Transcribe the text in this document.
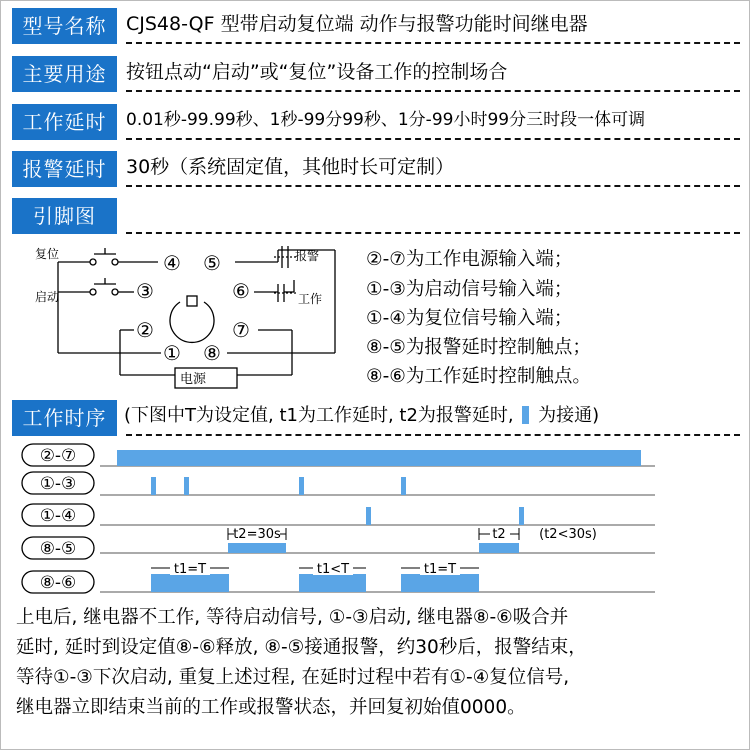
型号名称	CJS48-QF 型带启动复位端 动作与报警功能时间继电器
主要用途	按钮点动“启动”或“复位”设备工作的控制场合
工作延时	0.01秒-99.99秒、1秒-99分99秒、1分-99小时99分三时段一体可调
报警延时	30秒（系统固定值，其他时长可定制）
引脚图
复位
启动
报警
工作
电源
④ ⑤
③	⑥
②	⑦
① ⑧
②-⑦为工作电源输入端；
①-③为启动信号输入端；
①-④为复位信号输入端；
⑧-⑤为报警延时控制触点；
⑧-⑥为工作延时控制触点。
工作时序 (下图中T为设定值, t1为工作延时, t2为报警延时, 为接通)
②-⑦
①-③
①-④
⑧-⑤
⑧-⑥
t2=30s	t2	(t2<30s)
t1=T	t1<T	t1=T
上电后, 继电器不工作, 等待启动信号, ①-③启动, 继电器⑧-⑥吸合并
延时, 延时到设定值⑧-⑥释放, ⑧-⑤接通报警，约30秒后，报警结束，
等待①-③下次启动, 重复上述过程, 在延时过程中若有①-④复位信号,
继电器立即结束当前的工作或报警状态，并回复初始值0000。
